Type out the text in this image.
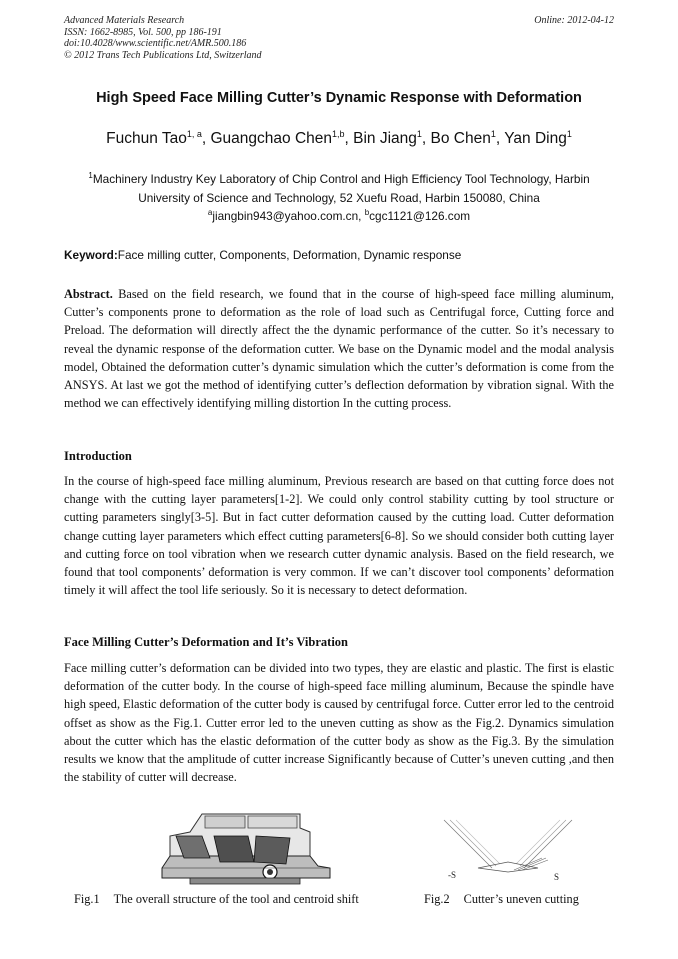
Advanced Materials Research
ISSN: 1662-8985, Vol. 500, pp 186-191
doi:10.4028/www.scientific.net/AMR.500.186
© 2012 Trans Tech Publications Ltd, Switzerland
Online: 2012-04-12
High Speed Face Milling Cutter’s Dynamic Response with Deformation
Fuchun Tao$^{1, a}$, Guangchao Chen$^{1,b}$, Bin Jiang$^1$, Bo Chen$^1$, Yan Ding$^1$
$^1$Machinery Industry Key Laboratory of Chip Control and High Efficiency Tool Technology, Harbin
University of Science and Technology, 52 Xuefu Road, Harbin 150080, China
$^a$jiangbin943@yahoo.com.cn, $^b$cgc1121@126.com
Keyword:Face milling cutter, Components, Deformation, Dynamic response
Abstract. Based on the field research, we found that in the course of high-speed face milling aluminum, Cutter’s components prone to deformation as the role of load such as Centrifugal force, Cutting force and Preload. The deformation will directly affect the the dynamic performance of the cutter. So it’s necessary to reveal the dynamic response of the deformation cutter. We base on the Dynamic model and the modal analysis model, Obtained the deformation cutter’s dynamic simulation which the cutter’s deformation is come from the ANSYS. At last we got the method of identifying cutter’s deflection deformation by vibration signal. With the method we can effectively identifying milling distortion In the cutting process.
Introduction
In the course of high-speed face milling aluminum, Previous research are based on that cutting force does not change with the cutting layer parameters[1-2]. We could only control stability cutting by tool structure or cutting parameters singly[3-5]. But in fact cutter deformation caused by the cutting load. Cutter deformation change cutting layer parameters which effect cutting parameters[6-8]. So we should consider both cutting layer and cutting force on tool vibration when we research cutter dynamic analysis. Based on the field research, we found that tool components’ deformation is very common. If we can’t discover tool components’ deformation timely it will affect the tool life seriously. So it is necessary to detect deformation.
Face Milling Cutter’s Deformation and It’s Vibration
Face milling cutter’s deformation can be divided into two types, they are elastic and plastic. The first is elastic deformation of the cutter body. In the course of high-speed face milling aluminum, Because the spindle have high speed, Elastic deformation of the cutter body is caused by centrifugal force. Cutter error led to the centroid offset as show as the Fig.1. Cutter error led to the uneven cutting as show as the Fig.2. Dynamics simulation about the cutter which has the elastic deformation of the cutter body as show as the Fig.3. By the simulation results we know that the amplitude of cutter increase Significantly because of Cutter’s uneven cutting ,and then the stability of cutter will decrease.
-S	S
Fig.1 The overall structure of the tool and centroid shift	Fig.2 Cutter’s uneven cutting
